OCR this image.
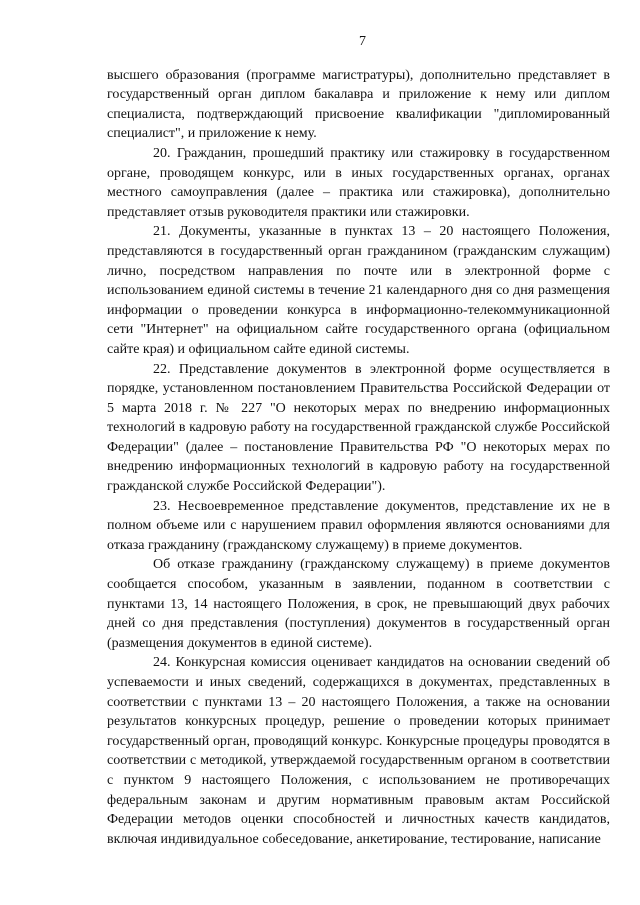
7

высшего образования (программе магистратуры), дополнительно представляет в государственный орган диплом бакалавра и приложение к нему или диплом специалиста, подтверждающий присвоение квалификации "дипломированный специалист", и приложение к нему.

20. Гражданин, прошедший практику или стажировку в государственном органе, проводящем конкурс, или в иных государственных органах, органах местного самоуправления (далее – практика или стажировка), дополнительно представляет отзыв руководителя практики или стажировки.

21. Документы, указанные в пунктах 13 – 20 настоящего Положения, представляются в государственный орган гражданином (гражданским служащим) лично, посредством направления по почте или в электронной форме с использованием единой системы в течение 21 календарного дня со дня размещения информации о проведении конкурса в информационно-телекоммуникационной сети "Интернет" на официальном сайте государственного органа (официальном сайте края) и официальном сайте единой системы.

22. Представление документов в электронной форме осуществляется в порядке, установленном постановлением Правительства Российской Федерации от 5 марта 2018 г. № 227 "О некоторых мерах по внедрению информационных технологий в кадровую работу на государственной гражданской службе Российской Федерации" (далее – постановление Правительства РФ "О некоторых мерах по внедрению информационных технологий в кадровую работу на государственной гражданской службе Российской Федерации").

23. Несвоевременное представление документов, представление их не в полном объеме или с нарушением правил оформления являются основаниями для отказа гражданину (гражданскому служащему) в приеме документов.

Об отказе гражданину (гражданскому служащему) в приеме документов сообщается способом, указанным в заявлении, поданном в соответствии с пунктами 13, 14 настоящего Положения, в срок, не превышающий двух рабочих дней со дня представления (поступления) документов в государственный орган (размещения документов в единой системе).

24. Конкурсная комиссия оценивает кандидатов на основании сведений об успеваемости и иных сведений, содержащихся в документах, представленных в соответствии с пунктами 13 – 20 настоящего Положения, а также на основании результатов конкурсных процедур, решение о проведении которых принимает государственный орган, проводящий конкурс. Конкурсные процедуры проводятся в соответствии с методикой, утверждаемой государственным органом в соответствии с пунктом 9 настоящего Положения, с использованием не противоречащих федеральным законам и другим нормативным правовым актам Российской Федерации методов оценки способностей и личностных качеств кандидатов, включая индивидуальное собеседование, анкетирование, тестирование, написание
